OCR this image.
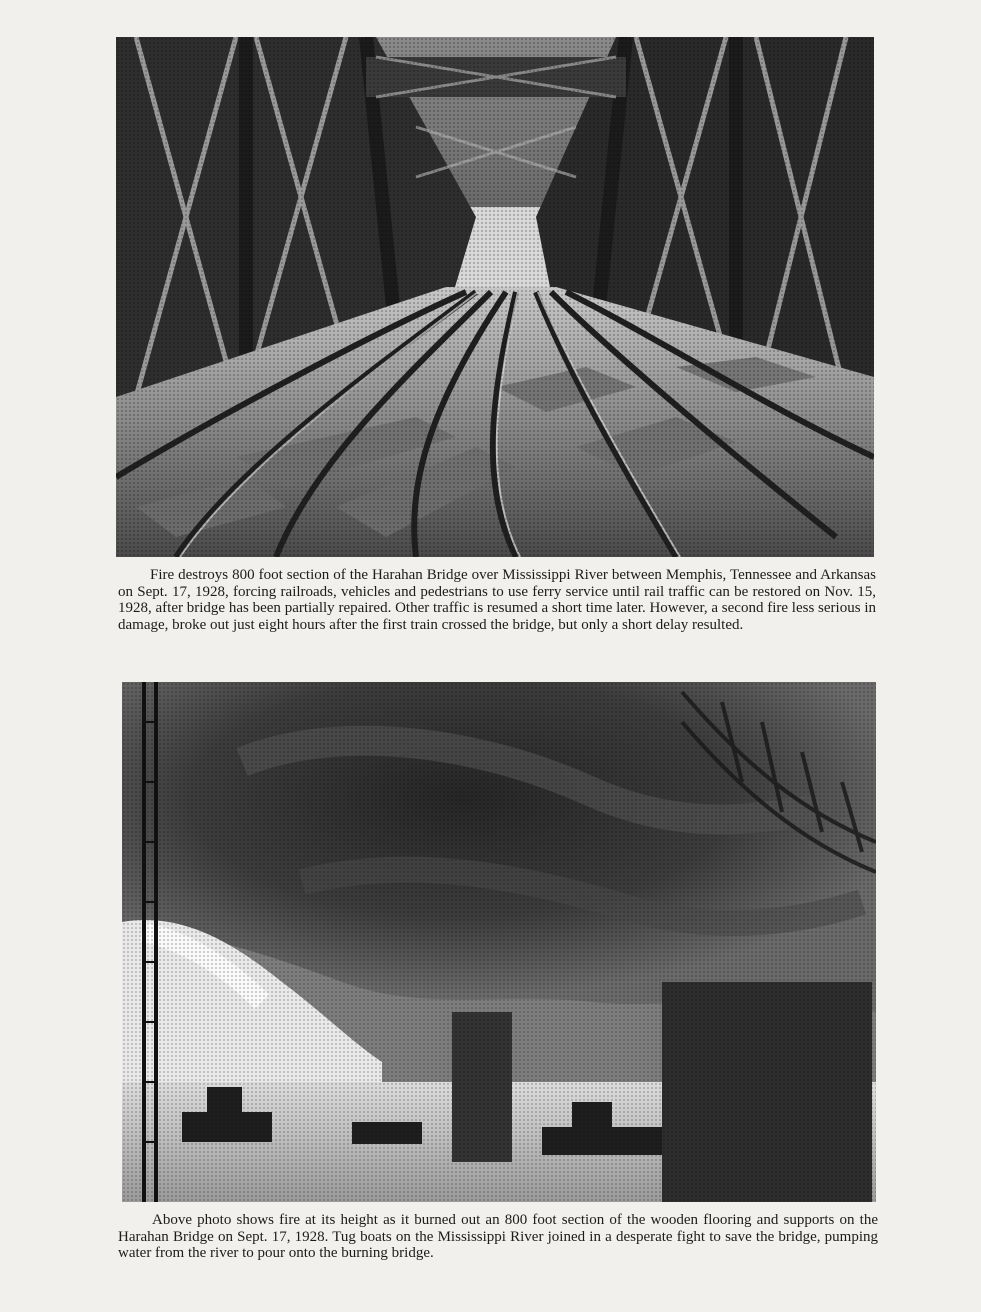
Fire destroys 800 foot section of the Harahan Bridge over Mississippi River between Memphis, Tennessee and Arkansas on Sept. 17, 1928, forcing railroads, vehicles and pedestrians to use ferry service until rail traffic can be restored on Nov. 15, 1928, after bridge has been partially repaired. Other traffic is resumed a short time later. However, a second fire less serious in damage, broke out just eight hours after the first train crossed the bridge, but only a short delay resulted.

Above photo shows fire at its height as it burned out an 800 foot section of the wooden flooring and supports on the Harahan Bridge on Sept. 17, 1928. Tug boats on the Mississippi River joined in a desperate fight to save the bridge, pumping water from the river to pour onto the burning bridge.
